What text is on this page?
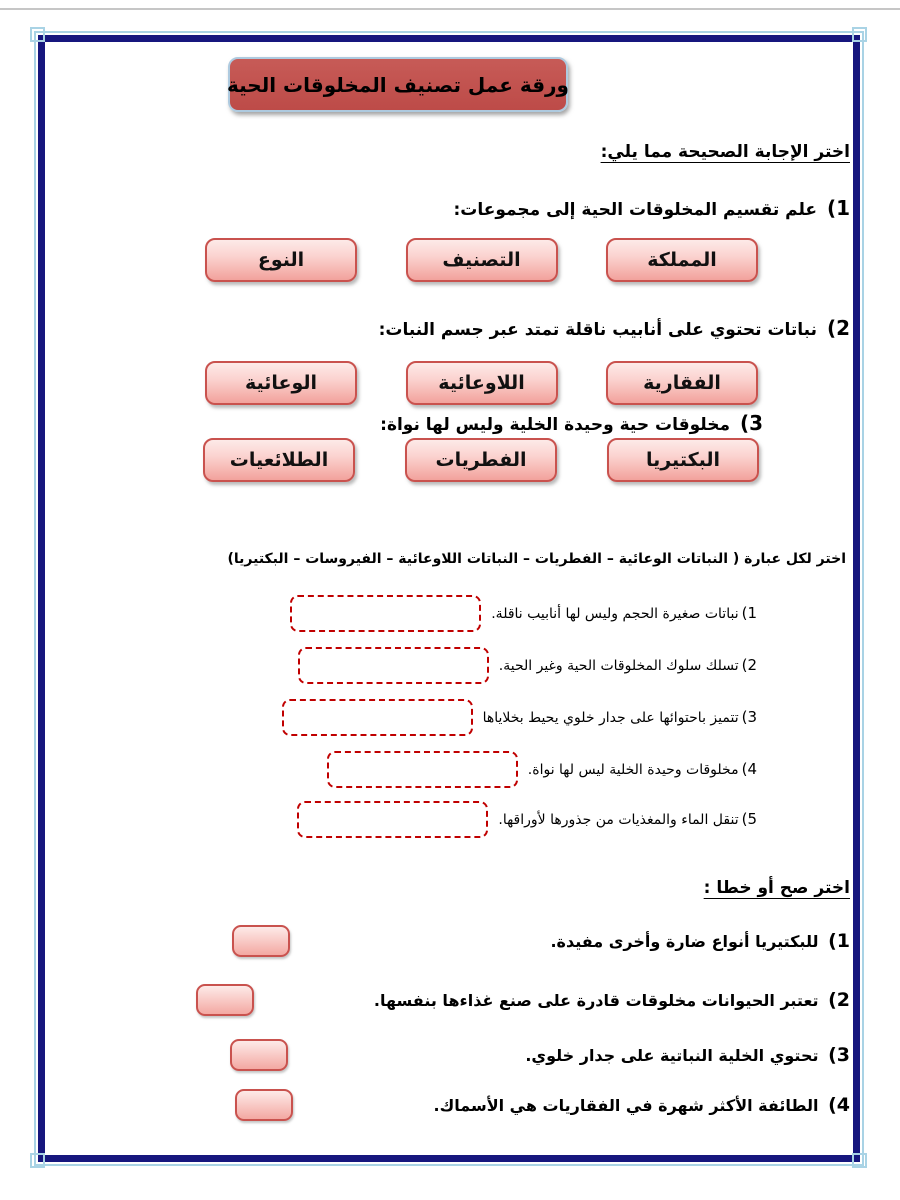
ورقة عمل تصنيف المخلوقات الحية
اختر الإجابة الصحيحة مما يلي:
1) علم تقسيم المخلوقات الحية إلى مجموعات:
المملكة
التصنيف
النوع
2) نباتات تحتوي على أنابيب ناقلة تمتد عبر جسم النبات:
الفقارية
اللاوعائية
الوعائية
3) مخلوقات حية وحيدة الخلية وليس لها نواة:
البكتيريا
الفطريات
الطلائعيات
اختر لكل عبارة ( النباتات الوعائية – الفطريات – النباتات اللاوعائية – الفيروسات – البكتيريا)
1)نباتات صغيرة الحجم وليس لها أنابيب ناقلة.
2)تسلك سلوك المخلوقات الحية وغير الحية.
3)تتميز باحتوائها على جدار خلوي يحيط بخلاياها
4)مخلوقات وحيدة الخلية ليس لها نواة.
5)تنقل الماء والمغذيات من جذورها لأوراقها.
اختر صح أو خطا :
1) للبكتيريا أنواع ضارة وأخرى مفيدة.
2) تعتبر الحيوانات مخلوقات قادرة على صنع غذاءها بنفسها.
3) تحتوي الخلية النباتية على جدار خلوي.
4) الطائفة الأكثر شهرة في الفقاريات هي الأسماك.
